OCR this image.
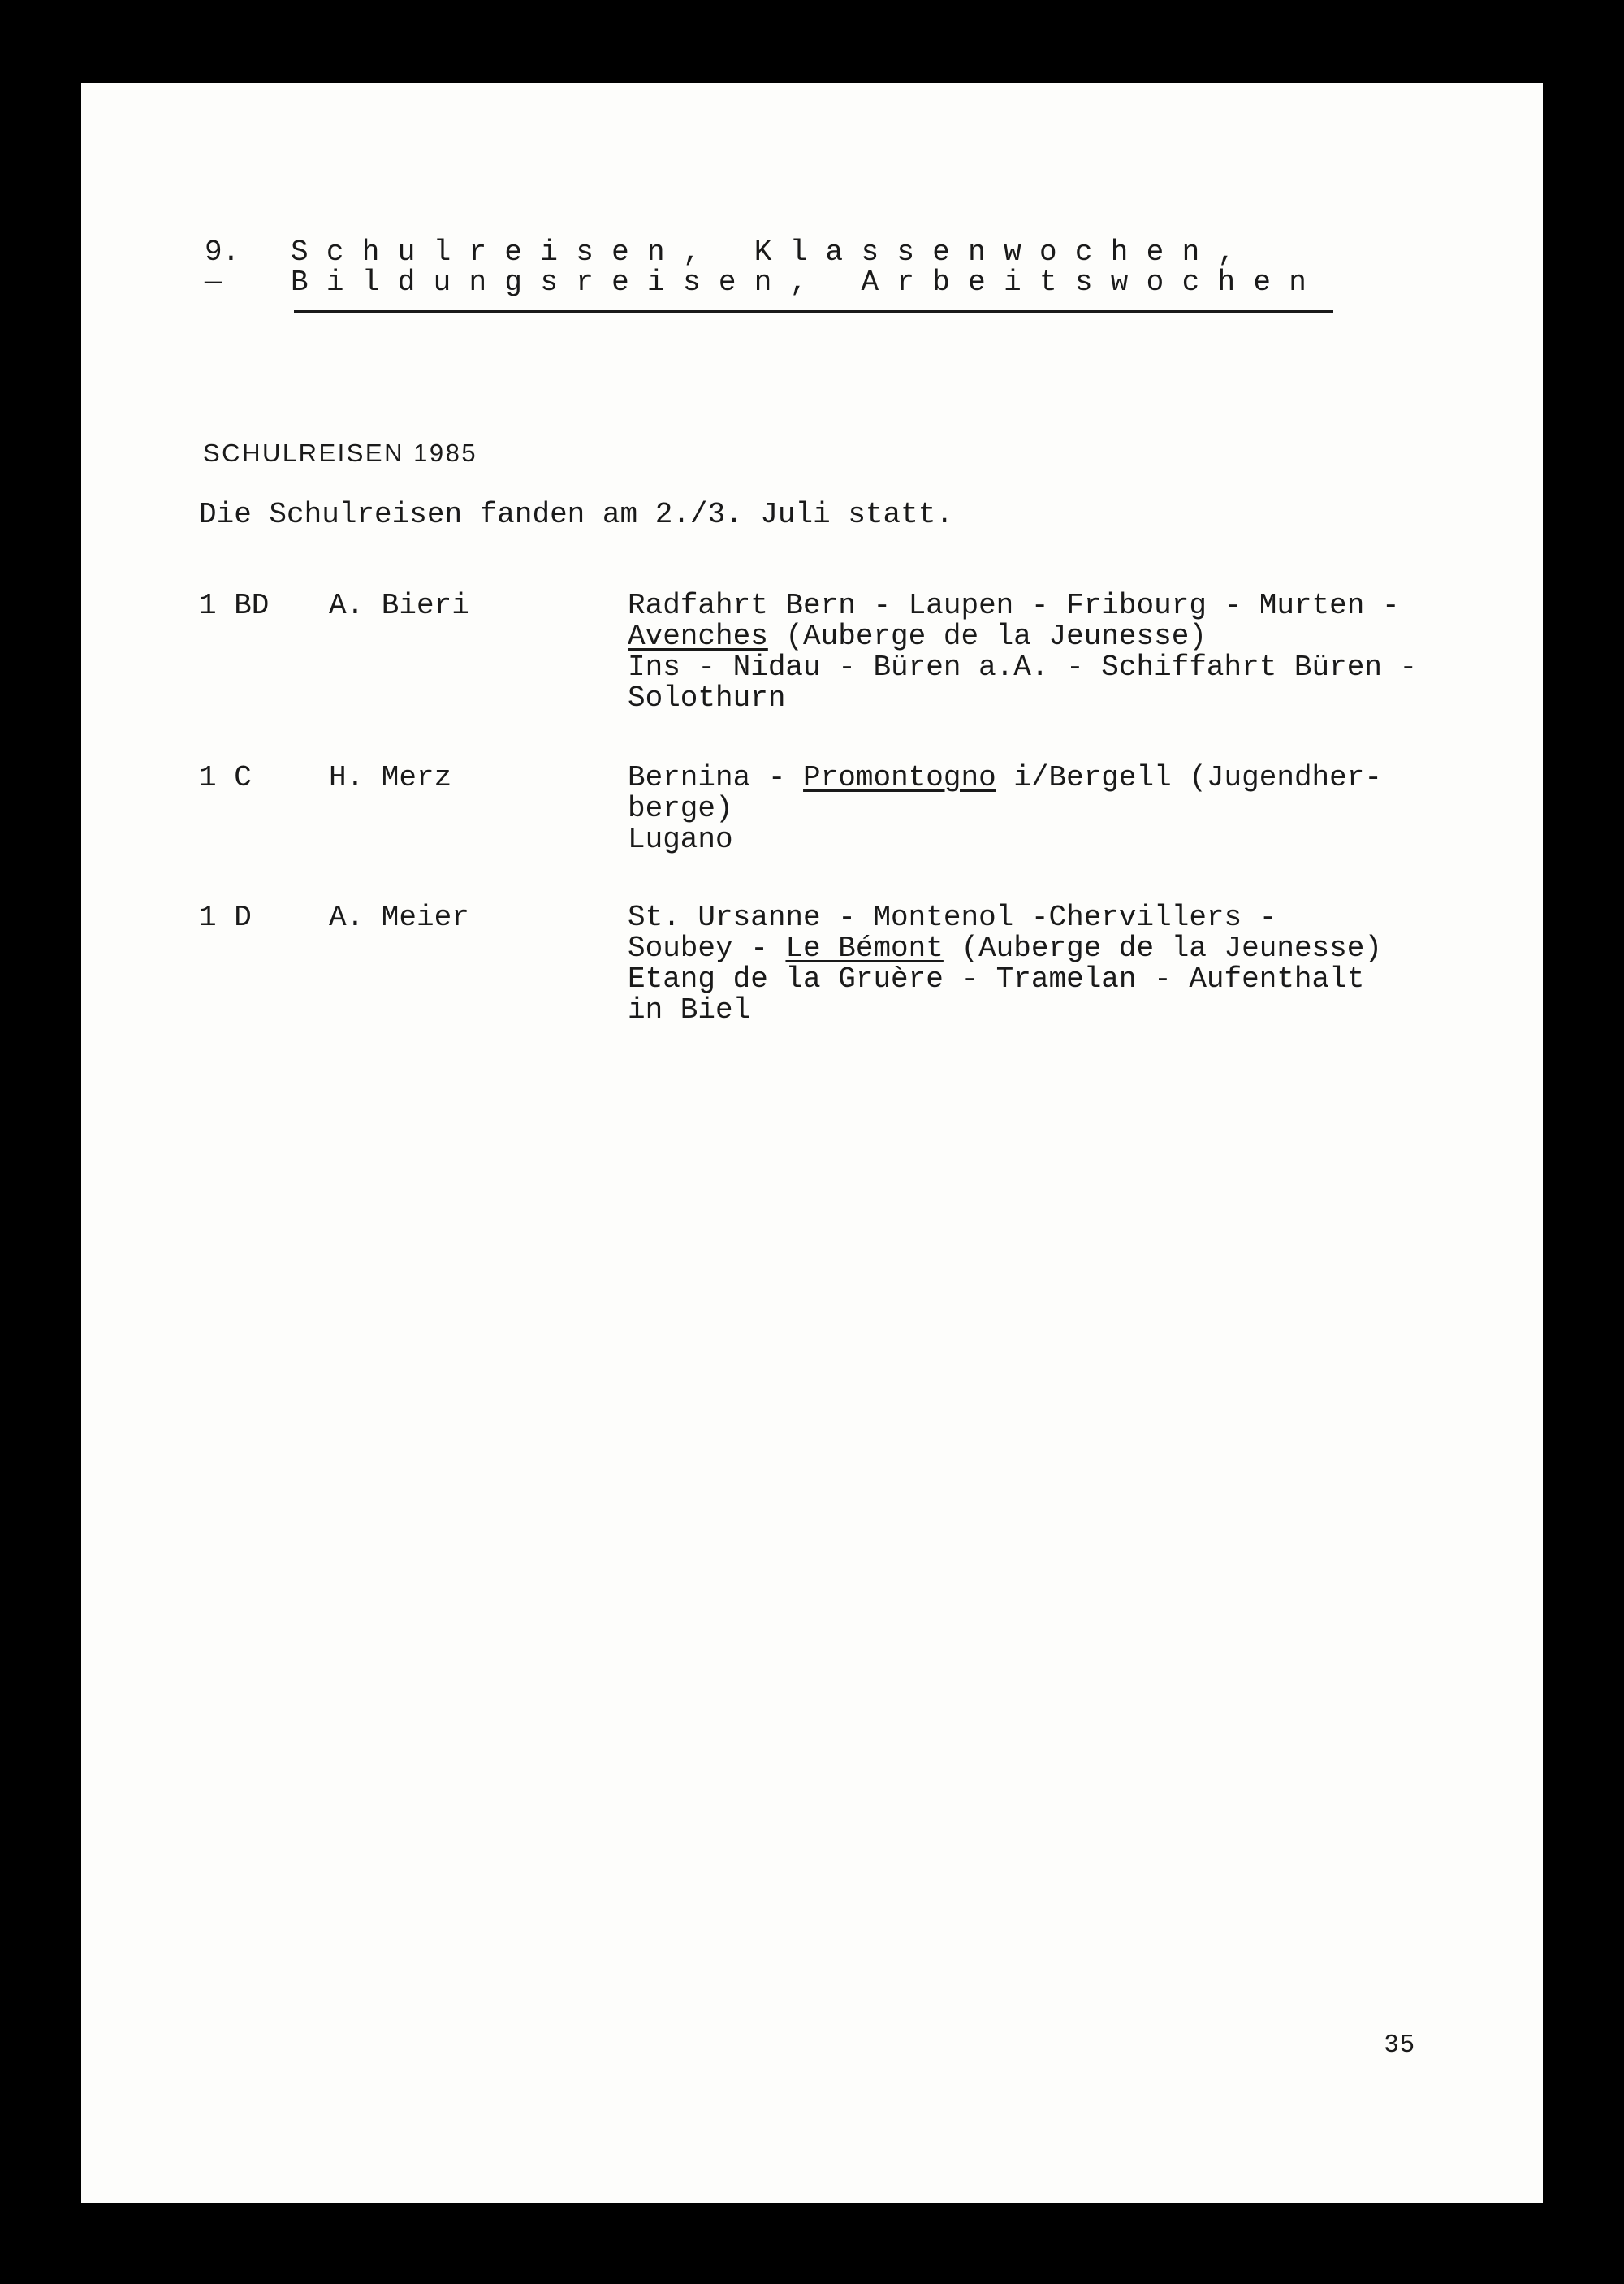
9. Schulreisen, Klassenwochen,
— Bildungsreisen, Arbeitswochen
SCHULREISEN 1985
Die Schulreisen fanden am 2./3. Juli statt.
1 BD A. Bieri	Radfahrt Bern - Laupen - Fribourg - Murten -
Avenches (Auberge de la Jeunesse)
Ins - Nidau - Büren a.A. - Schiffahrt Büren -
Solothurn
1 C	H. Merz	Bernina - Promontogno i/Bergell (Jugendher-
berge)
Lugano
1 D	A. Meier	St. Ursanne - Montenol -Chervillers -
Soubey - Le Bémont (Auberge de la Jeunesse)
Etang de la Gruère - Tramelan - Aufenthalt
in Biel
35
